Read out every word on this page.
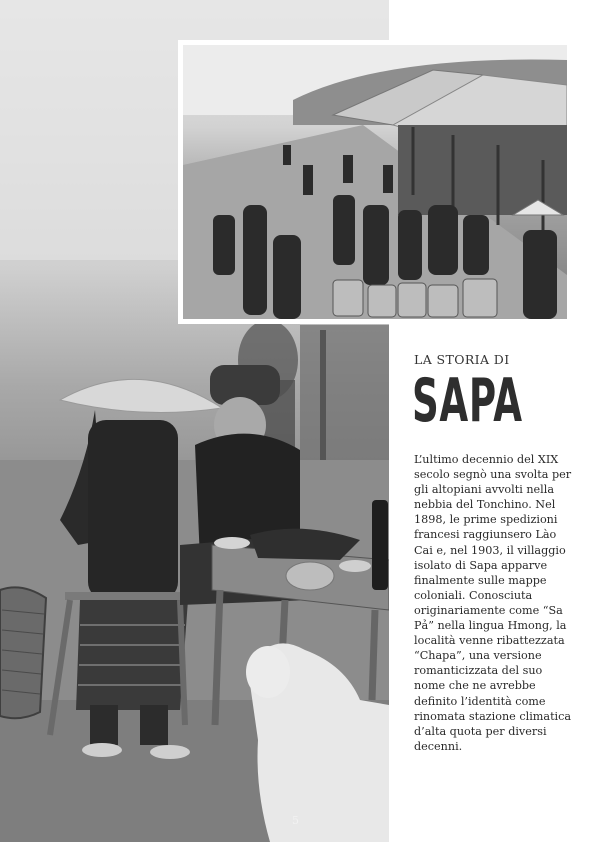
LA STORIA DI
SAPA

L’ultimo decennio del XIX secolo segnò una svolta per gli altopiani avvolti nella nebbia del Tonchino. Nel 1898, le prime spedizioni francesi raggiunsero Lào Cai e, nel 1903, il villaggio isolato di Sapa apparve finalmente sulle mappe coloniali. Conosciuta originariamente come “Sa Pả” nella lingua Hmong, la località venne ribattezzata “Chapa”, una versione romanticizzata del suo nome che ne avrebbe definito l’identità come rinomata stazione climatica d’alta quota per diversi decenni.

5
